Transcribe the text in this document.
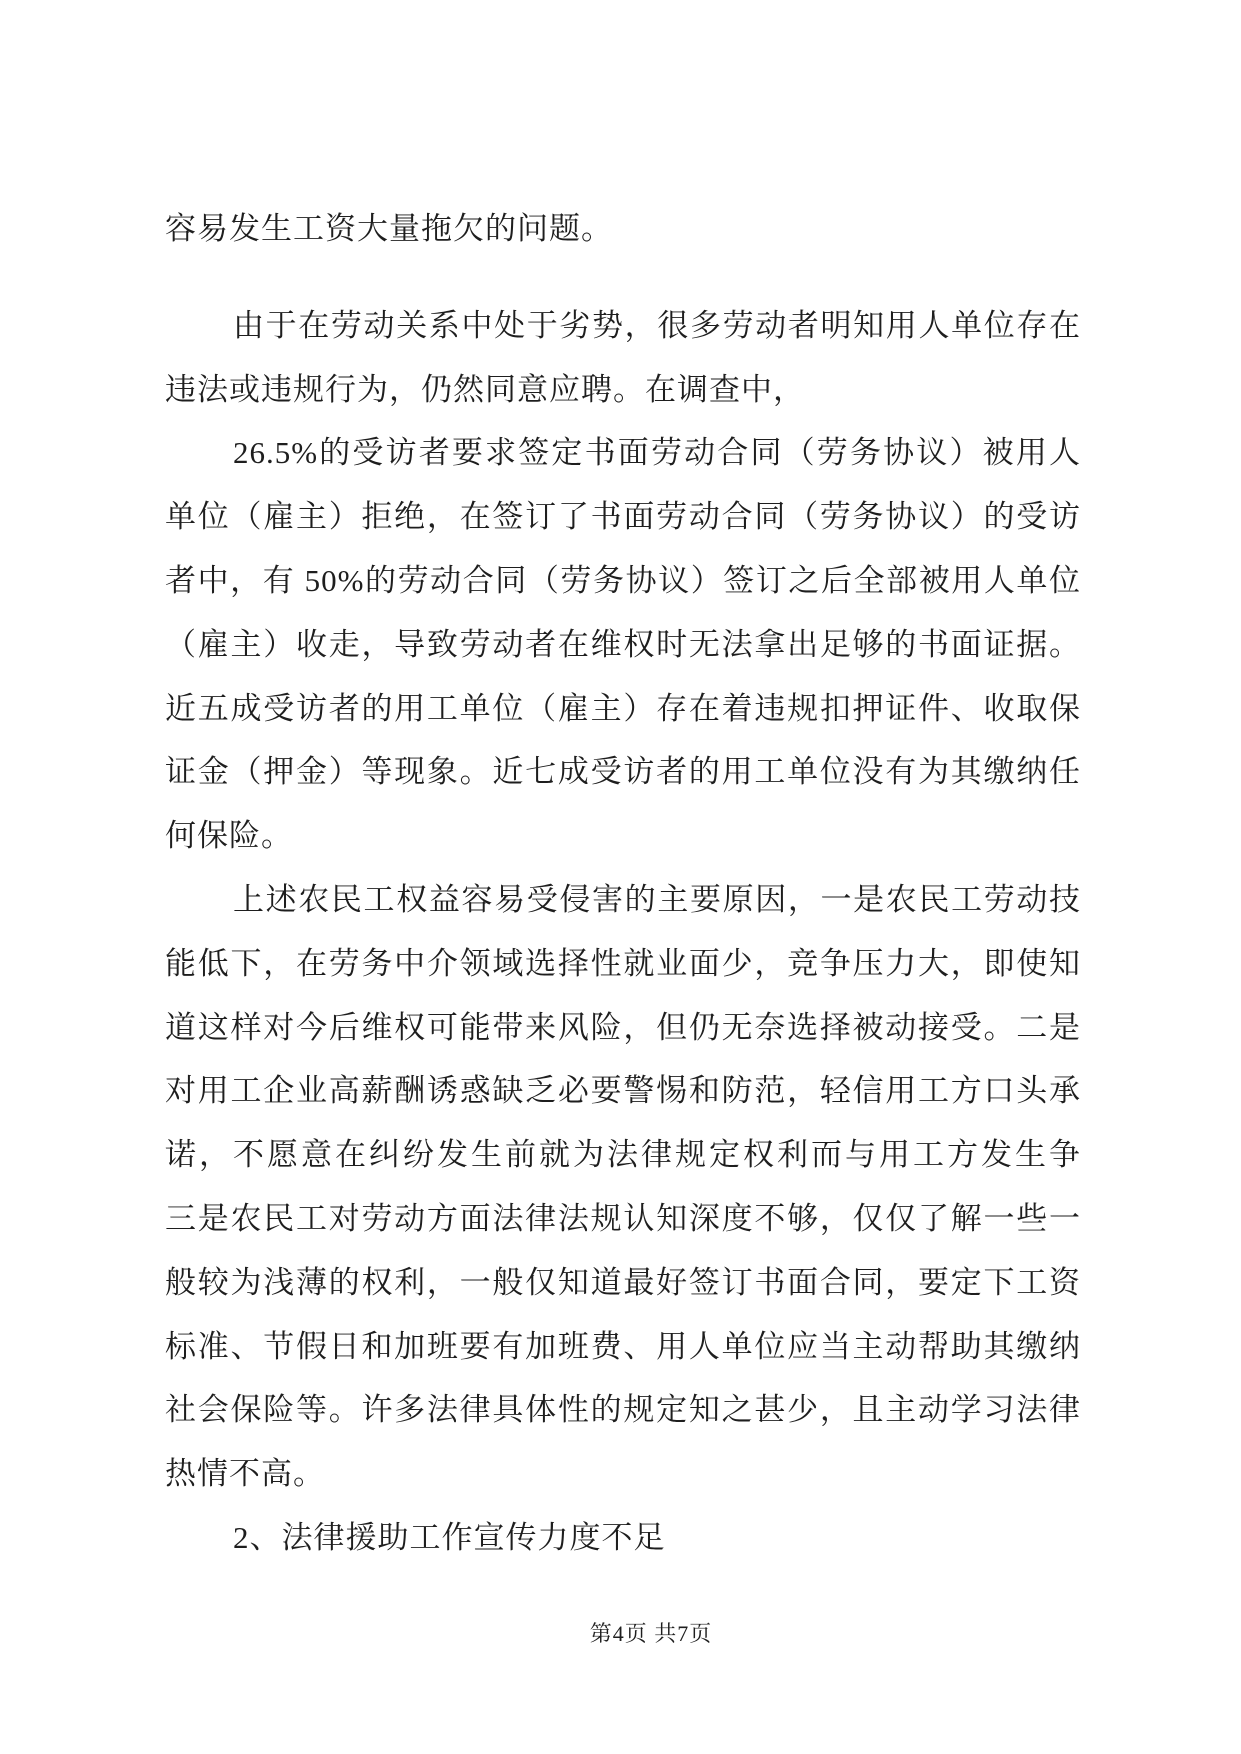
容易发生工资大量拖欠的问题。
由于在劳动关系中处于劣势，很多劳动者明知用人单位存在
违法或违规行为，仍然同意应聘。在调查中，
26.5%的受访者要求签定书面劳动合同（劳务协议）被用人
单位（雇主）拒绝，在签订了书面劳动合同（劳务协议）的受访
者中，有 50%的劳动合同（劳务协议）签订之后全部被用人单位
（雇主）收走，导致劳动者在维权时无法拿出足够的书面证据。
近五成受访者的用工单位（雇主）存在着违规扣押证件、收取保
证金（押金）等现象。近七成受访者的用工单位没有为其缴纳任
何保险。
上述农民工权益容易受侵害的主要原因，一是农民工劳动技
能低下，在劳务中介领域选择性就业面少，竞争压力大，即使知
道这样对今后维权可能带来风险，但仍无奈选择被动接受。二是
对用工企业高薪酬诱惑缺乏必要警惕和防范，轻信用工方口头承
诺，不愿意在纠纷发生前就为法律规定权利而与用工方发生争
三是农民工对劳动方面法律法规认知深度不够，仅仅了解一些一
般较为浅薄的权利，一般仅知道最好签订书面合同，要定下工资
标准、节假日和加班要有加班费、用人单位应当主动帮助其缴纳
社会保险等。许多法律具体性的规定知之甚少，且主动学习法律
热情不高。
2、法律援助工作宣传力度不足
第4页 共7页
